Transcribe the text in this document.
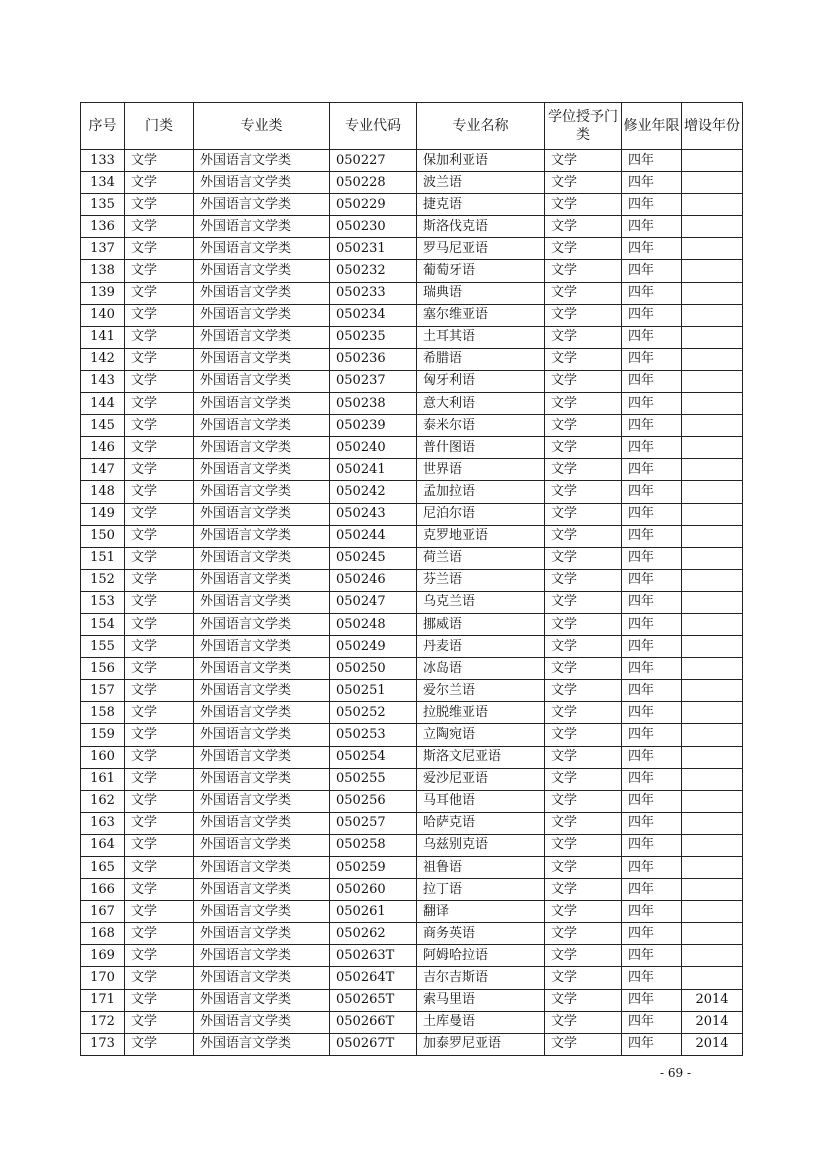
序号	门类	专业类	专业代码	专业名称	学位授予门类	修业年限	增设年份
133	文学	外国语言文学类	050227	保加利亚语	文学	四年	
134	文学	外国语言文学类	050228	波兰语	文学	四年	
135	文学	外国语言文学类	050229	捷克语	文学	四年	
136	文学	外国语言文学类	050230	斯洛伐克语	文学	四年	
137	文学	外国语言文学类	050231	罗马尼亚语	文学	四年	
138	文学	外国语言文学类	050232	葡萄牙语	文学	四年	
139	文学	外国语言文学类	050233	瑞典语	文学	四年	
140	文学	外国语言文学类	050234	塞尔维亚语	文学	四年	
141	文学	外国语言文学类	050235	土耳其语	文学	四年	
142	文学	外国语言文学类	050236	希腊语	文学	四年	
143	文学	外国语言文学类	050237	匈牙利语	文学	四年	
144	文学	外国语言文学类	050238	意大利语	文学	四年	
145	文学	外国语言文学类	050239	泰米尔语	文学	四年	
146	文学	外国语言文学类	050240	普什图语	文学	四年	
147	文学	外国语言文学类	050241	世界语	文学	四年	
148	文学	外国语言文学类	050242	孟加拉语	文学	四年	
149	文学	外国语言文学类	050243	尼泊尔语	文学	四年	
150	文学	外国语言文学类	050244	克罗地亚语	文学	四年	
151	文学	外国语言文学类	050245	荷兰语	文学	四年	
152	文学	外国语言文学类	050246	芬兰语	文学	四年	
153	文学	外国语言文学类	050247	乌克兰语	文学	四年	
154	文学	外国语言文学类	050248	挪威语	文学	四年	
155	文学	外国语言文学类	050249	丹麦语	文学	四年	
156	文学	外国语言文学类	050250	冰岛语	文学	四年	
157	文学	外国语言文学类	050251	爱尔兰语	文学	四年	
158	文学	外国语言文学类	050252	拉脱维亚语	文学	四年	
159	文学	外国语言文学类	050253	立陶宛语	文学	四年	
160	文学	外国语言文学类	050254	斯洛文尼亚语	文学	四年	
161	文学	外国语言文学类	050255	爱沙尼亚语	文学	四年	
162	文学	外国语言文学类	050256	马耳他语	文学	四年	
163	文学	外国语言文学类	050257	哈萨克语	文学	四年	
164	文学	外国语言文学类	050258	乌兹别克语	文学	四年	
165	文学	外国语言文学类	050259	祖鲁语	文学	四年	
166	文学	外国语言文学类	050260	拉丁语	文学	四年	
167	文学	外国语言文学类	050261	翻译	文学	四年	
168	文学	外国语言文学类	050262	商务英语	文学	四年	
169	文学	外国语言文学类	050263T	阿姆哈拉语	文学	四年	
170	文学	外国语言文学类	050264T	吉尔吉斯语	文学	四年	
171	文学	外国语言文学类	050265T	索马里语	文学	四年	2014
172	文学	外国语言文学类	050266T	土库曼语	文学	四年	2014
173	文学	外国语言文学类	050267T	加泰罗尼亚语	文学	四年	2014
- 69 -
